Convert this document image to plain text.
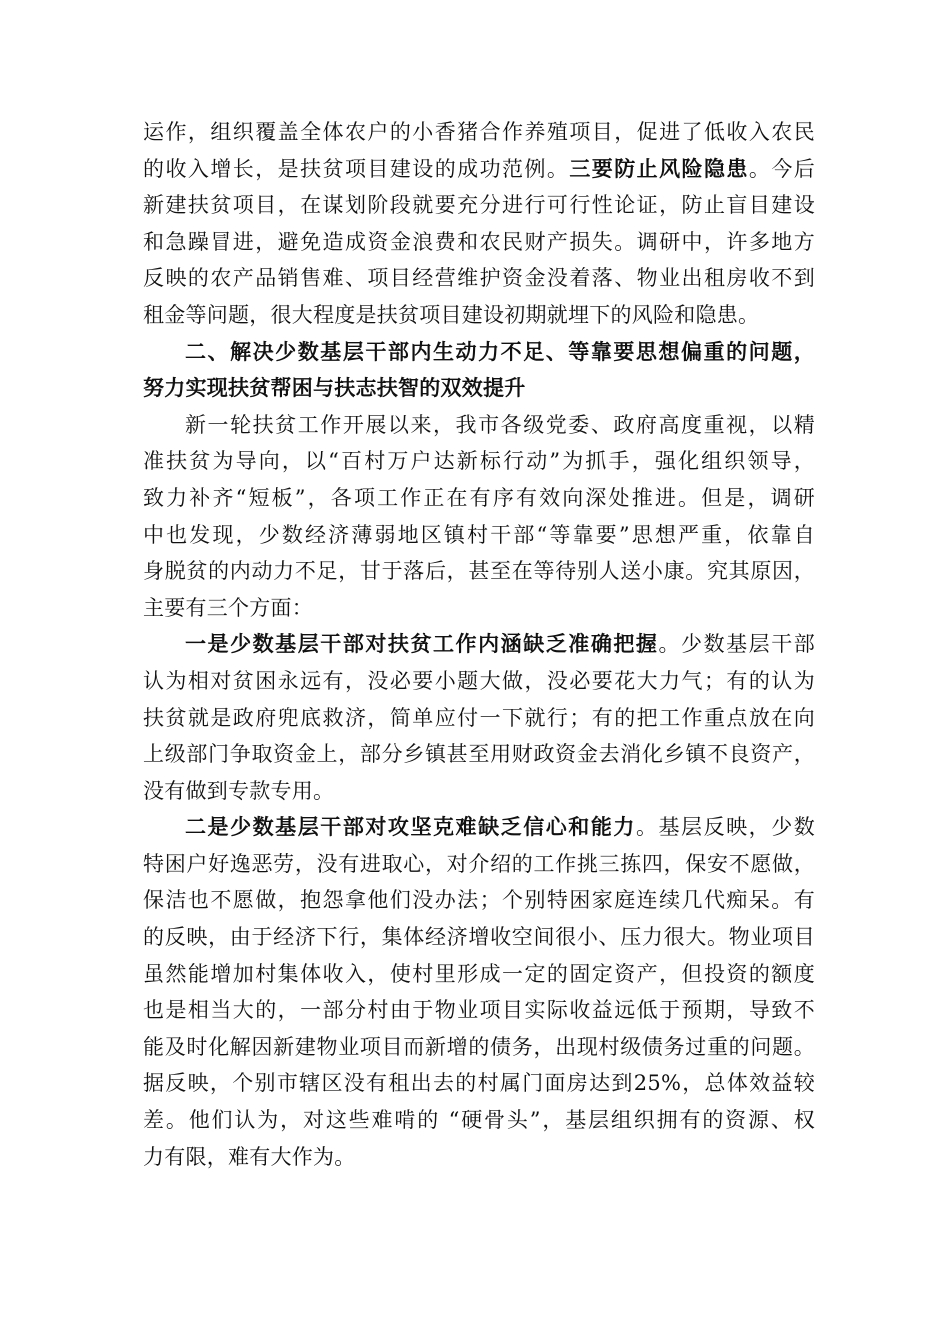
运作，组织覆盖全体农户的小香猪合作养殖项目，促进了低收入农民
的收入增长，是扶贫项目建设的成功范例。三要防止风险隐患。今后
新建扶贫项目，在谋划阶段就要充分进行可行性论证，防止盲目建设
和急躁冒进，避免造成资金浪费和农民财产损失。调研中，许多地方
反映的农产品销售难、项目经营维护资金没着落、物业出租房收不到
租金等问题，很大程度是扶贫项目建设初期就埋下的风险和隐患。
二、解决少数基层干部内生动力不足、等靠要思想偏重的问题，
努力实现扶贫帮困与扶志扶智的双效提升
新一轮扶贫工作开展以来，我市各级党委、政府高度重视，以精
准扶贫为导向，以“百村万户达新标行动”为抓手，强化组织领导，
致力补齐“短板”，各项工作正在有序有效向深处推进。但是，调研
中也发现，少数经济薄弱地区镇村干部“等靠要”思想严重，依靠自
身脱贫的内动力不足，甘于落后，甚至在等待别人送小康。究其原因，
主要有三个方面：
一是少数基层干部对扶贫工作内涵缺乏准确把握。少数基层干部
认为相对贫困永远有，没必要小题大做，没必要花大力气；有的认为
扶贫就是政府兜底救济，简单应付一下就行；有的把工作重点放在向
上级部门争取资金上，部分乡镇甚至用财政资金去消化乡镇不良资产，
没有做到专款专用。
二是少数基层干部对攻坚克难缺乏信心和能力。基层反映，少数
特困户好逸恶劳，没有进取心，对介绍的工作挑三拣四，保安不愿做，
保洁也不愿做，抱怨拿他们没办法；个别特困家庭连续几代痴呆。有
的反映，由于经济下行，集体经济增收空间很小、压力很大。物业项目
虽然能增加村集体收入，使村里形成一定的固定资产，但投资的额度
也是相当大的，一部分村由于物业项目实际收益远低于预期，导致不
能及时化解因新建物业项目而新增的债务，出现村级债务过重的问题。
据反映，个别市辖区没有租出去的村属门面房达到25%，总体效益较
差。他们认为，对这些难啃的 “硬骨头”，基层组织拥有的资源、权
力有限，难有大作为。
